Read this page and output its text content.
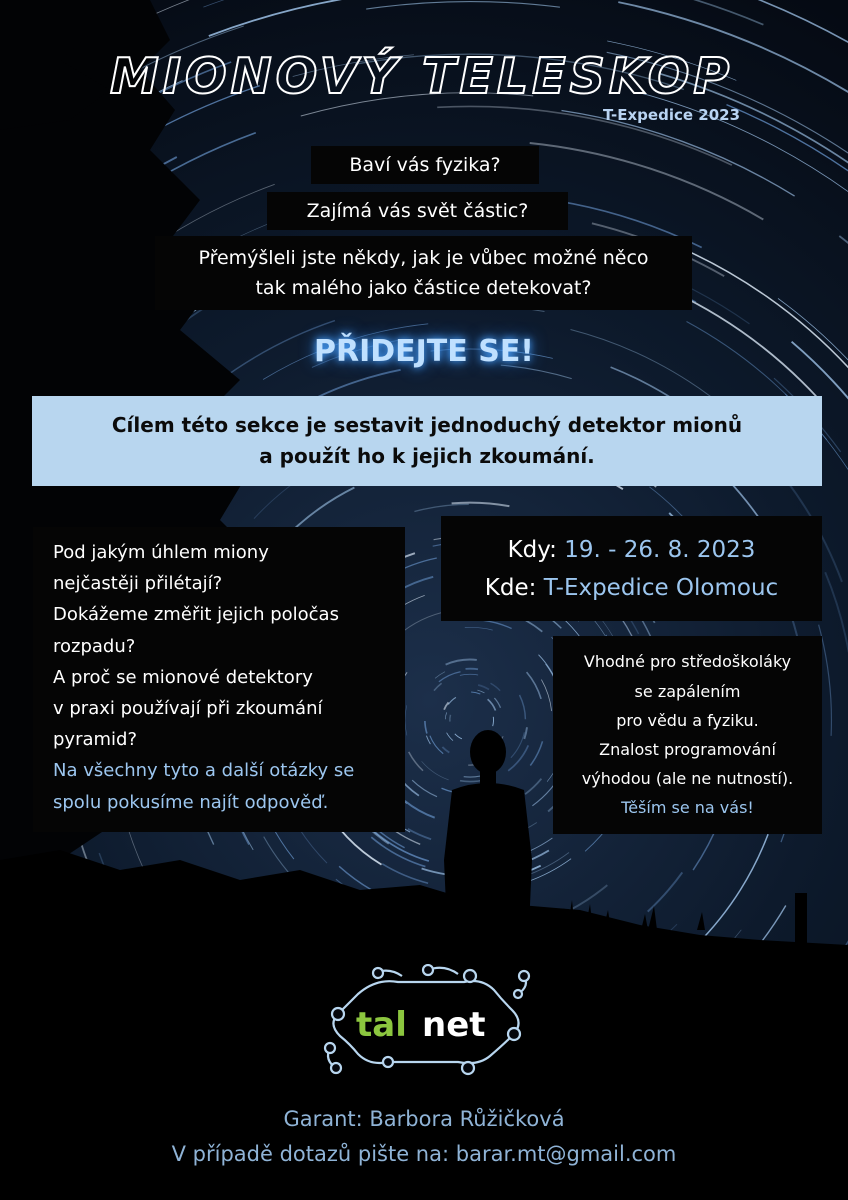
MIONOVÝ TELESKOP
T-Expedice 2023
Baví vás fyzika?
Zajímá vás svět částic?
Přemýšleli jste někdy, jak je vůbec možné něco
tak malého jako částice detekovat?
PŘIDEJTE SE!
Cílem této sekce je sestavit jednoduchý detektor mionů
a použít ho k jejich zkoumání.
Pod jakým úhlem miony
nejčastěji přilétají?
Dokážeme změřit jejich poločas
rozpadu?
A proč se mionové detektory
v praxi používají při zkoumání
pyramid?
Na všechny tyto a další otázky se
spolu pokusíme najít odpověď.
Kdy: 19. - 26. 8. 2023
Kde: T-Expedice Olomouc
Vhodné pro středoškoláky
se zapálením
pro vědu a fyziku.
Znalost programování
výhodou (ale ne nutností).
Těším se na vás!
tal net
Garant: Barbora Růžičková
V případě dotazů pište na: barar.mt@gmail.com
